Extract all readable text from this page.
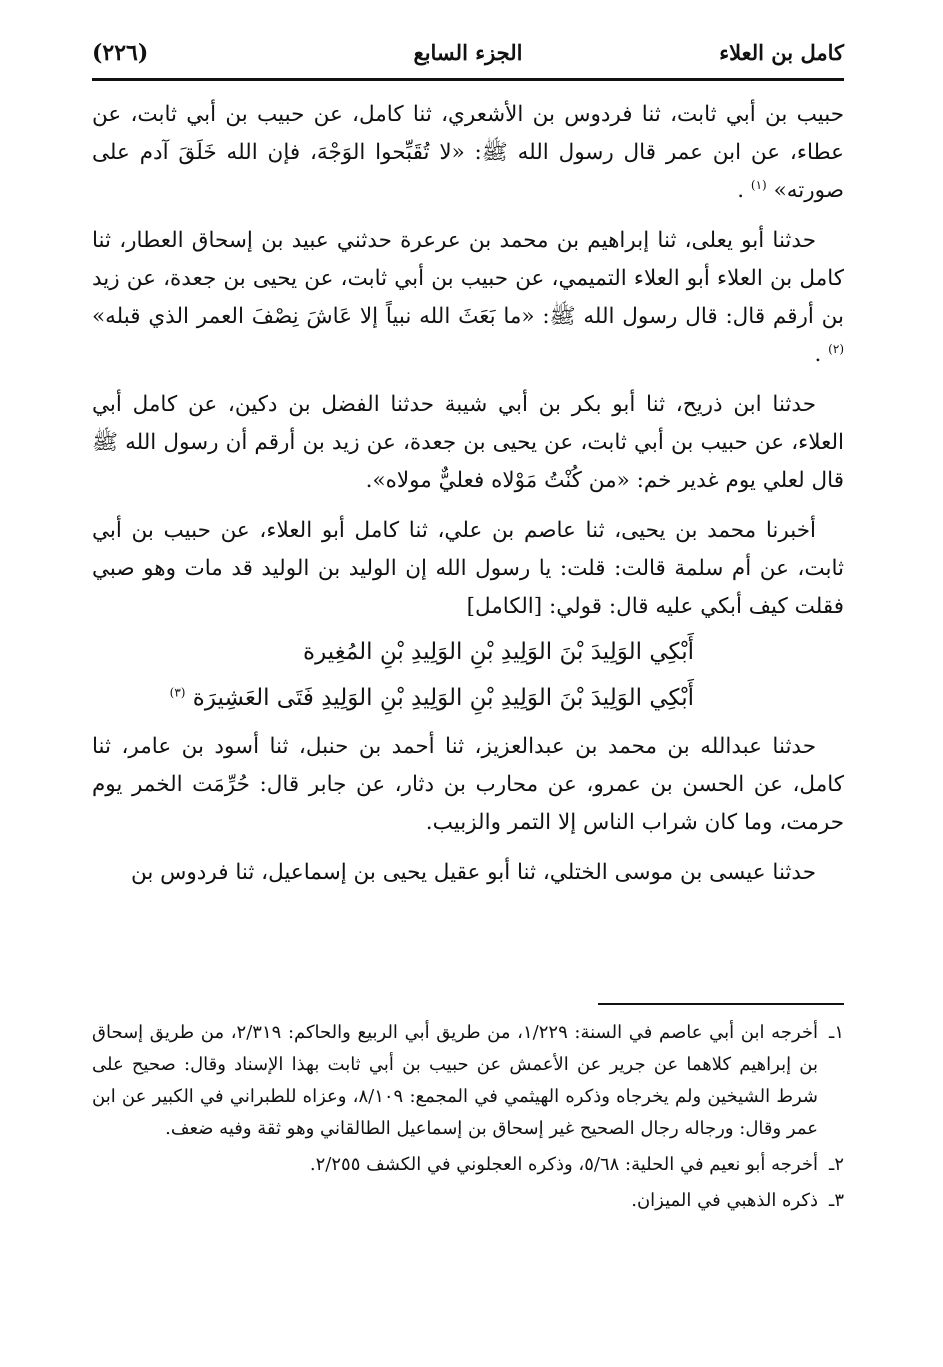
(٢٢٦)	الجزء السابع	كامل بن العلاء

حبيب بن أبي ثابت، ثنا فردوس بن الأشعري، ثنا كامل، عن حبيب بن أبي ثابت، عن عطاء، عن ابن عمر قال رسول الله ﷺ: «لا تُقَبِّحوا الوَجْهَ، فإن الله خَلَقَ آدم على صورته» $^{(١)}$ .

حدثنا أبو يعلى، ثنا إبراهيم بن محمد بن عرعرة حدثني عبيد بن إسحاق العطار، ثنا كامل بن العلاء أبو العلاء التميمي، عن حبيب بن أبي ثابت، عن يحيى بن جعدة، عن زيد بن أرقم قال: قال رسول الله ﷺ: «ما بَعَثَ الله نبياً إلا عَاشَ نِصْفَ العمر الذي قبله» $^{(٢)}$ .

حدثنا ابن ذريح، ثنا أبو بكر بن أبي شيبة حدثنا الفضل بن دكين، عن كامل أبي العلاء، عن حبيب بن أبي ثابت، عن يحيى بن جعدة، عن زيد بن أرقم أن رسول الله ﷺ قال لعلي يوم غدير خم: «من كُنْتُ مَوْلاه فعليٌّ مولاه».

أخبرنا محمد بن يحيى، ثنا عاصم بن علي، ثنا كامل أبو العلاء، عن حبيب بن أبي ثابت، عن أم سلمة قالت: قلت: يا رسول الله إن الوليد بن الوليد قد مات وهو صبي فقلت كيف أبكي عليه قال: قولي: [الكامل]

أَبْكِي الوَلِيدَ بْنَ الوَلِيدِ بْنِ الوَلِيدِ بْنِ المُغِيرة
أَبْكِي الوَلِيدَ بْنَ الوَلِيدِ بْنِ الوَلِيدِ بْنِ الوَلِيدِ فَتَى العَشِيرَة $^{(٣)}$

حدثنا عبدالله بن محمد بن عبدالعزيز، ثنا أحمد بن حنبل، ثنا أسود بن عامر، ثنا كامل، عن الحسن بن عمرو، عن محارب بن دثار، عن جابر قال: حُرِّمَت الخمر يوم حرمت، وما كان شراب الناس إلا التمر والزبيب.

حدثنا عيسى بن موسى الختلي، ثنا أبو عقيل يحيى بن إسماعيل، ثنا فردوس بن

١ـ
أخرجه ابن أبي عاصم في السنة: ١/٢٢٩، من طريق أبي الربيع والحاكم: ٢/٣١٩، من طريق إسحاق بن إبراهيم كلاهما عن جرير عن الأعمش عن حبيب بن أبي ثابت بهذا الإسناد وقال: صحيح على شرط الشيخين ولم يخرجاه وذكره الهيثمي في المجمع: ٨/١٠٩، وعزاه للطبراني في الكبير عن ابن عمر وقال: ورجاله رجال الصحيح غير إسحاق بن إسماعيل الطالقاني وهو ثقة وفيه ضعف.
٢ـ
أخرجه أبو نعيم في الحلية: ٥/٦٨، وذكره العجلوني في الكشف ٢/٢٥٥.
٣ـ
ذكره الذهبي في الميزان.
